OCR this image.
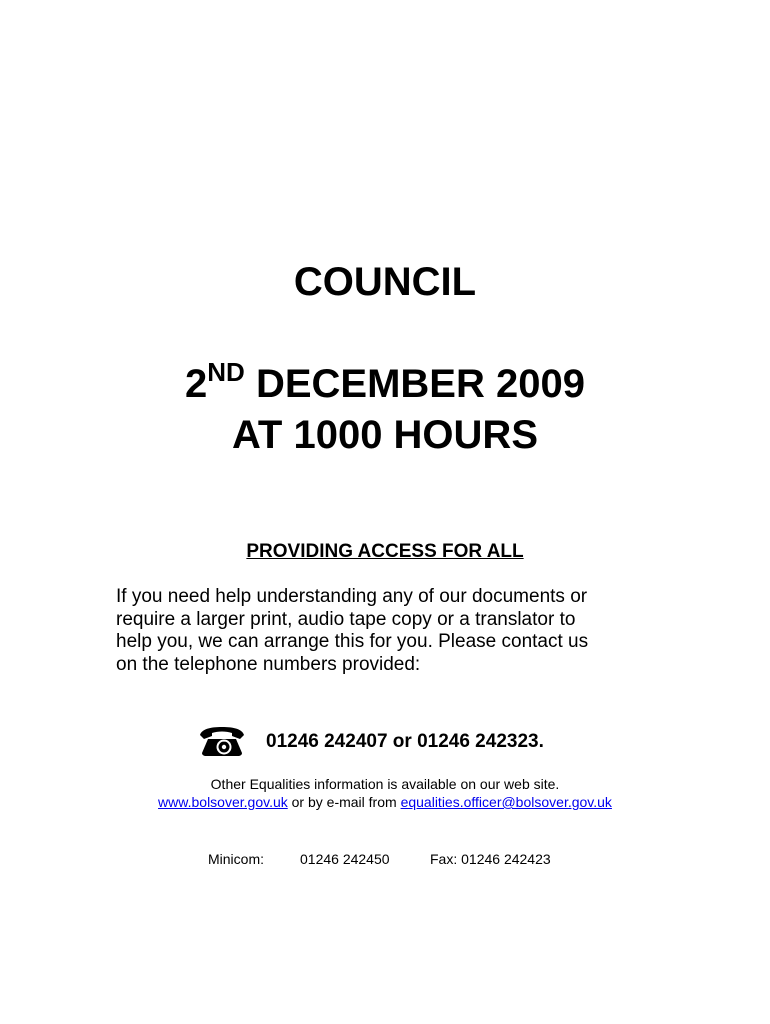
COUNCIL
2ND DECEMBER 2009
AT 1000 HOURS
PROVIDING ACCESS FOR ALL

If you need help understanding any of our documents or
require a larger print, audio tape copy or a translator to
help you, we can arrange this for you. Please contact us
on the telephone numbers provided:

01246 242407 or 01246 242323.
Other Equalities information is available on our web site.
www.bolsover.gov.uk or by e-mail from equalities.officer@bolsover.gov.uk
Minicom:	01246 242450	Fax: 01246 242423
